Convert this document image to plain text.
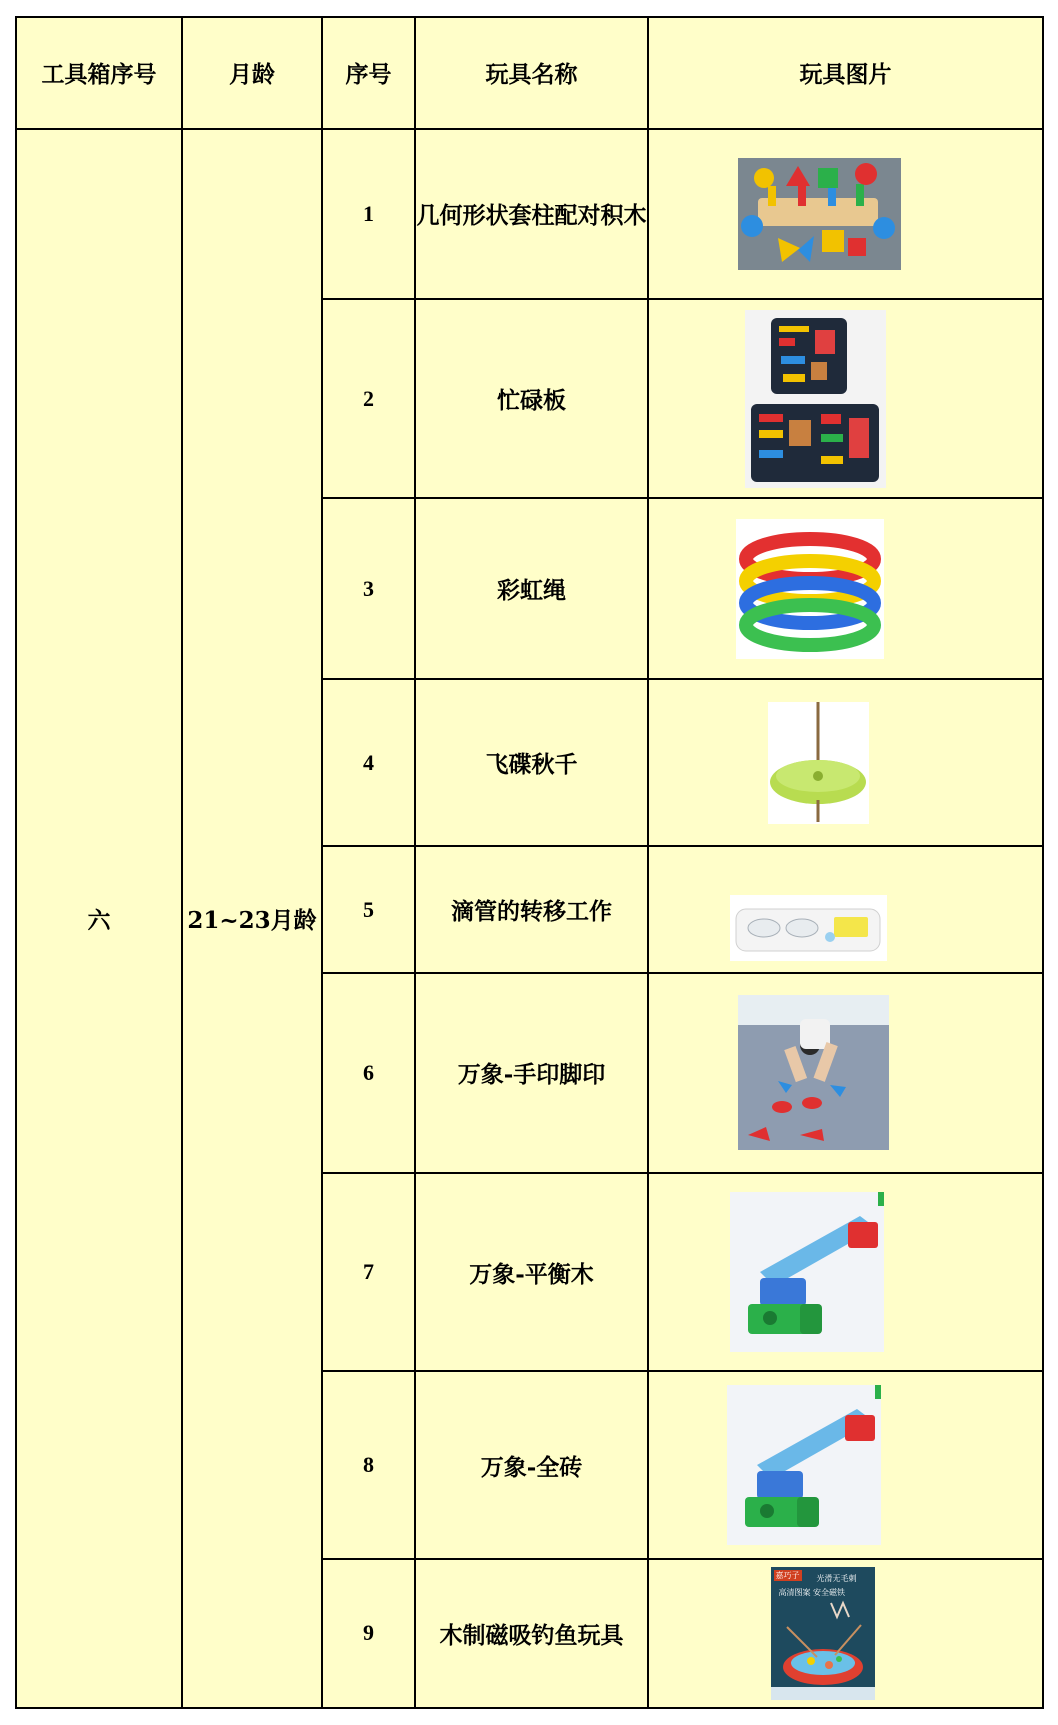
工具箱序号	月龄	序号	玩具名称	玩具图片
六	21~23月龄	1	几何形状套柱配对积木	

		2	忙碌板	

		3	彩虹绳	

		4	飞碟秋千	

		5	滴管的转移工作	

		6	万象-手印脚印	

		7	万象-平衡木	

		8	万象-全砖	

		9	木制磁吸钓鱼玩具	嘉巧子 光滑无毛刺
高清图案 安全磁铁
